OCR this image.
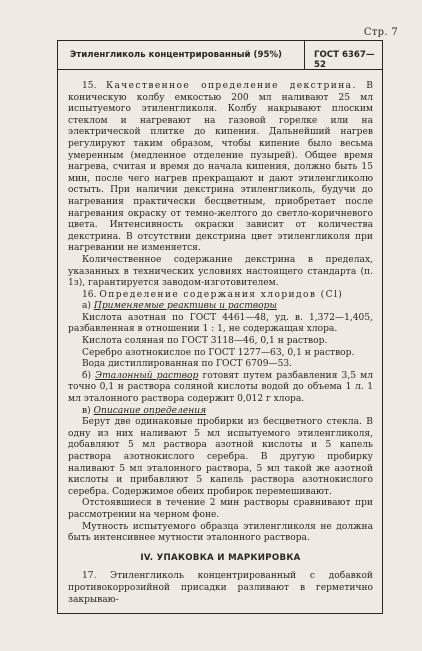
Стр. 7
Этиленгликоль концентрированный (95%)	ГОСТ 6367—52

15. Качественное определение декстрина. В коническую колбу емкостью 200 мл наливают 25 мл испытуемого этиленгликоля. Колбу накрывают плоским стеклом и нагревают на газовой горелке или на электрической плитке до кипения. Дальнейший нагрев регулируют таким образом, чтобы кипение было весьма умеренным (медленное отделение пузырей). Общее время нагрева, считая и время до начала кипения, должно быть 15 мин, после чего нагрев прекращают и дают этиленгликолю остыть. При наличии декстрина этиленгликоль, будучи до нагревания практически бесцветным, приобретает после нагревания окраску от темно-желтого до светло-коричневого цвета. Интенсивность окраски зависит от количества декстрина. В отсутствии декстрина цвет этиленгликоля при нагревании не изменяется.

Количественное содержание декстрина в пределах, указанных в технических условиях настоящего стандарта (п. 1з), гарантируется заводом-изготовителем.

16. Определение содержания хлоридов (Cl)

а) Применяемые реактивы и растворы

Кислота азотная по ГОСТ 4461—48, уд. в. 1,372—1,405, разбавленная в отношении 1 : 1, не содержащая хлора.

Кислота соляная по ГОСТ 3118—46, 0,1 н раствор.

Серебро азотнокислое по ГОСТ 1277—63, 0,1 н раствор.

Вода дистиллированная по ГОСТ 6709—53.

б) Эталонный раствор готовят путем разбавления 3,5 мл точно 0,1 н раствора соляной кислоты водой до объема 1 л. 1 мл эталонного раствора содержит 0,012 г хлора.

в) Описание определения

Берут две одинаковые пробирки из бесцветного стекла. В одну из них наливают 5 мл испытуемого этиленгликоля, добавляют 5 мл раствора азотной кислоты и 5 капель раствора азотнокислого серебра. В другую пробирку наливают 5 мл эталонного раствора, 5 мл такой же азотной кислоты и прибавляют 5 капель раствора азотнокислого серебра. Содержимое обеих пробирок перемешивают.

Отстоявшиеся в течение 2 мин растворы сравнивают при рассмотрении на черном фоне.

Мутность испытуемого образца этиленгликоля не должна быть интенсивнее мутности эталонного раствора.

IV. УПАКОВКА И МАРКИРОВКА

17. Этиленгликоль концентрированный с добавкой противокоррозийной присадки разливают в герметично закрываю-
